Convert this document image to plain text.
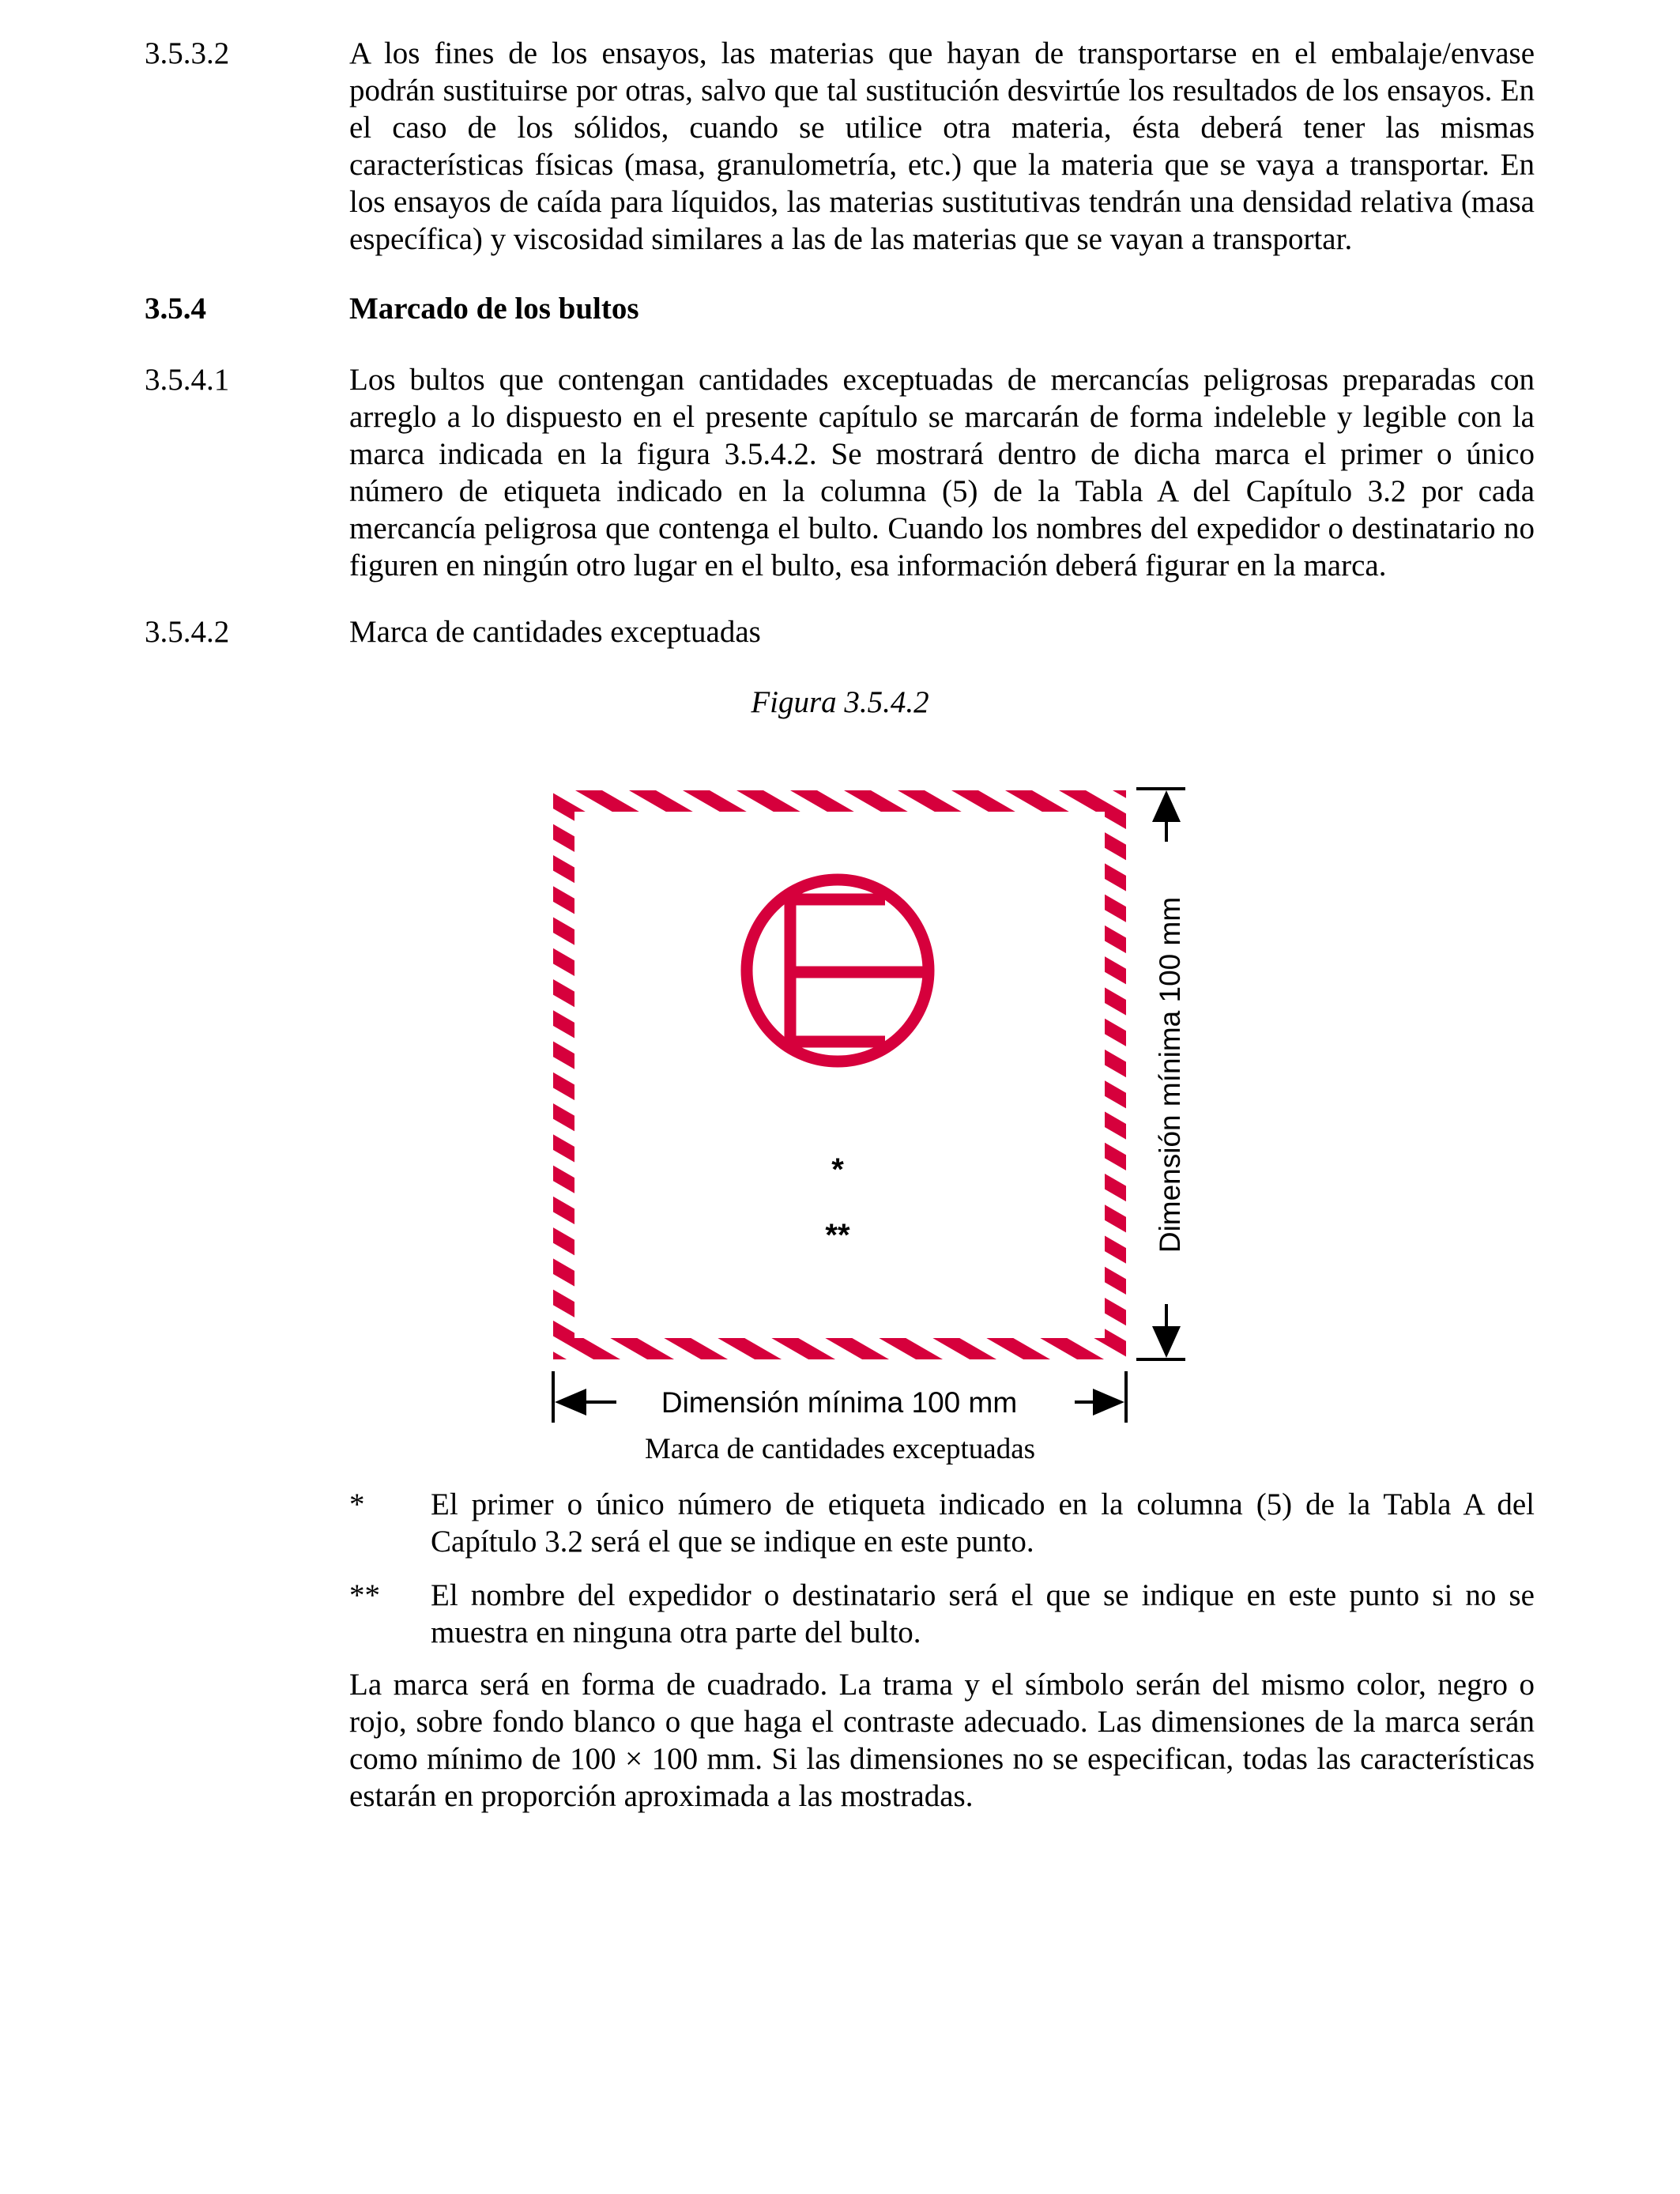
3.5.3.2	A los fines de los ensayos, las materias que hayan de transportarse en el embalaje/envase podrán sustituirse por otras, salvo que tal sustitución desvirtúe los resultados de los ensayos. En el caso de los sólidos, cuando se utilice otra materia, ésta deberá tener las mismas características físicas (masa, granulometría, etc.) que la materia que se vaya a transportar. En los ensayos de caída para líquidos, las materias sustitutivas tendrán una densidad relativa (masa específica) y viscosidad similares a las de las materias que se vayan a transportar.
3.5.4	Marcado de los bultos
3.5.4.1	Los bultos que contengan cantidades exceptuadas de mercancías peligrosas preparadas con arreglo a lo dispuesto en el presente capítulo se marcarán de forma indeleble y legible con la marca indicada en la figura 3.5.4.2. Se mostrará dentro de dicha marca el primer o único número de etiqueta indicado en la columna (5) de la Tabla A del Capítulo 3.2 por cada mercancía peligrosa que contenga el bulto. Cuando los nombres del expedidor o destinatario no figuren en ningún otro lugar en el bulto, esa información deberá figurar en la marca.
3.5.4.2	Marca de cantidades exceptuadas
Figura 3.5.4.2
*
**	Dimensión mínima 100 mm
Dimensión mínima 100 mm
Marca de cantidades exceptuadas
* El primer o único número de etiqueta indicado en la columna (5) de la Tabla A del Capítulo 3.2 será el que se indique en este punto.
** El nombre del expedidor o destinatario será el que se indique en este punto si no se muestra en ninguna otra parte del bulto.
La marca será en forma de cuadrado. La trama y el símbolo serán del mismo color, negro o rojo, sobre fondo blanco o que haga el contraste adecuado. Las dimensiones de la marca serán como mínimo de 100 × 100 mm. Si las dimensiones no se especifican, todas las características estarán en proporción aproximada a las mostradas.
